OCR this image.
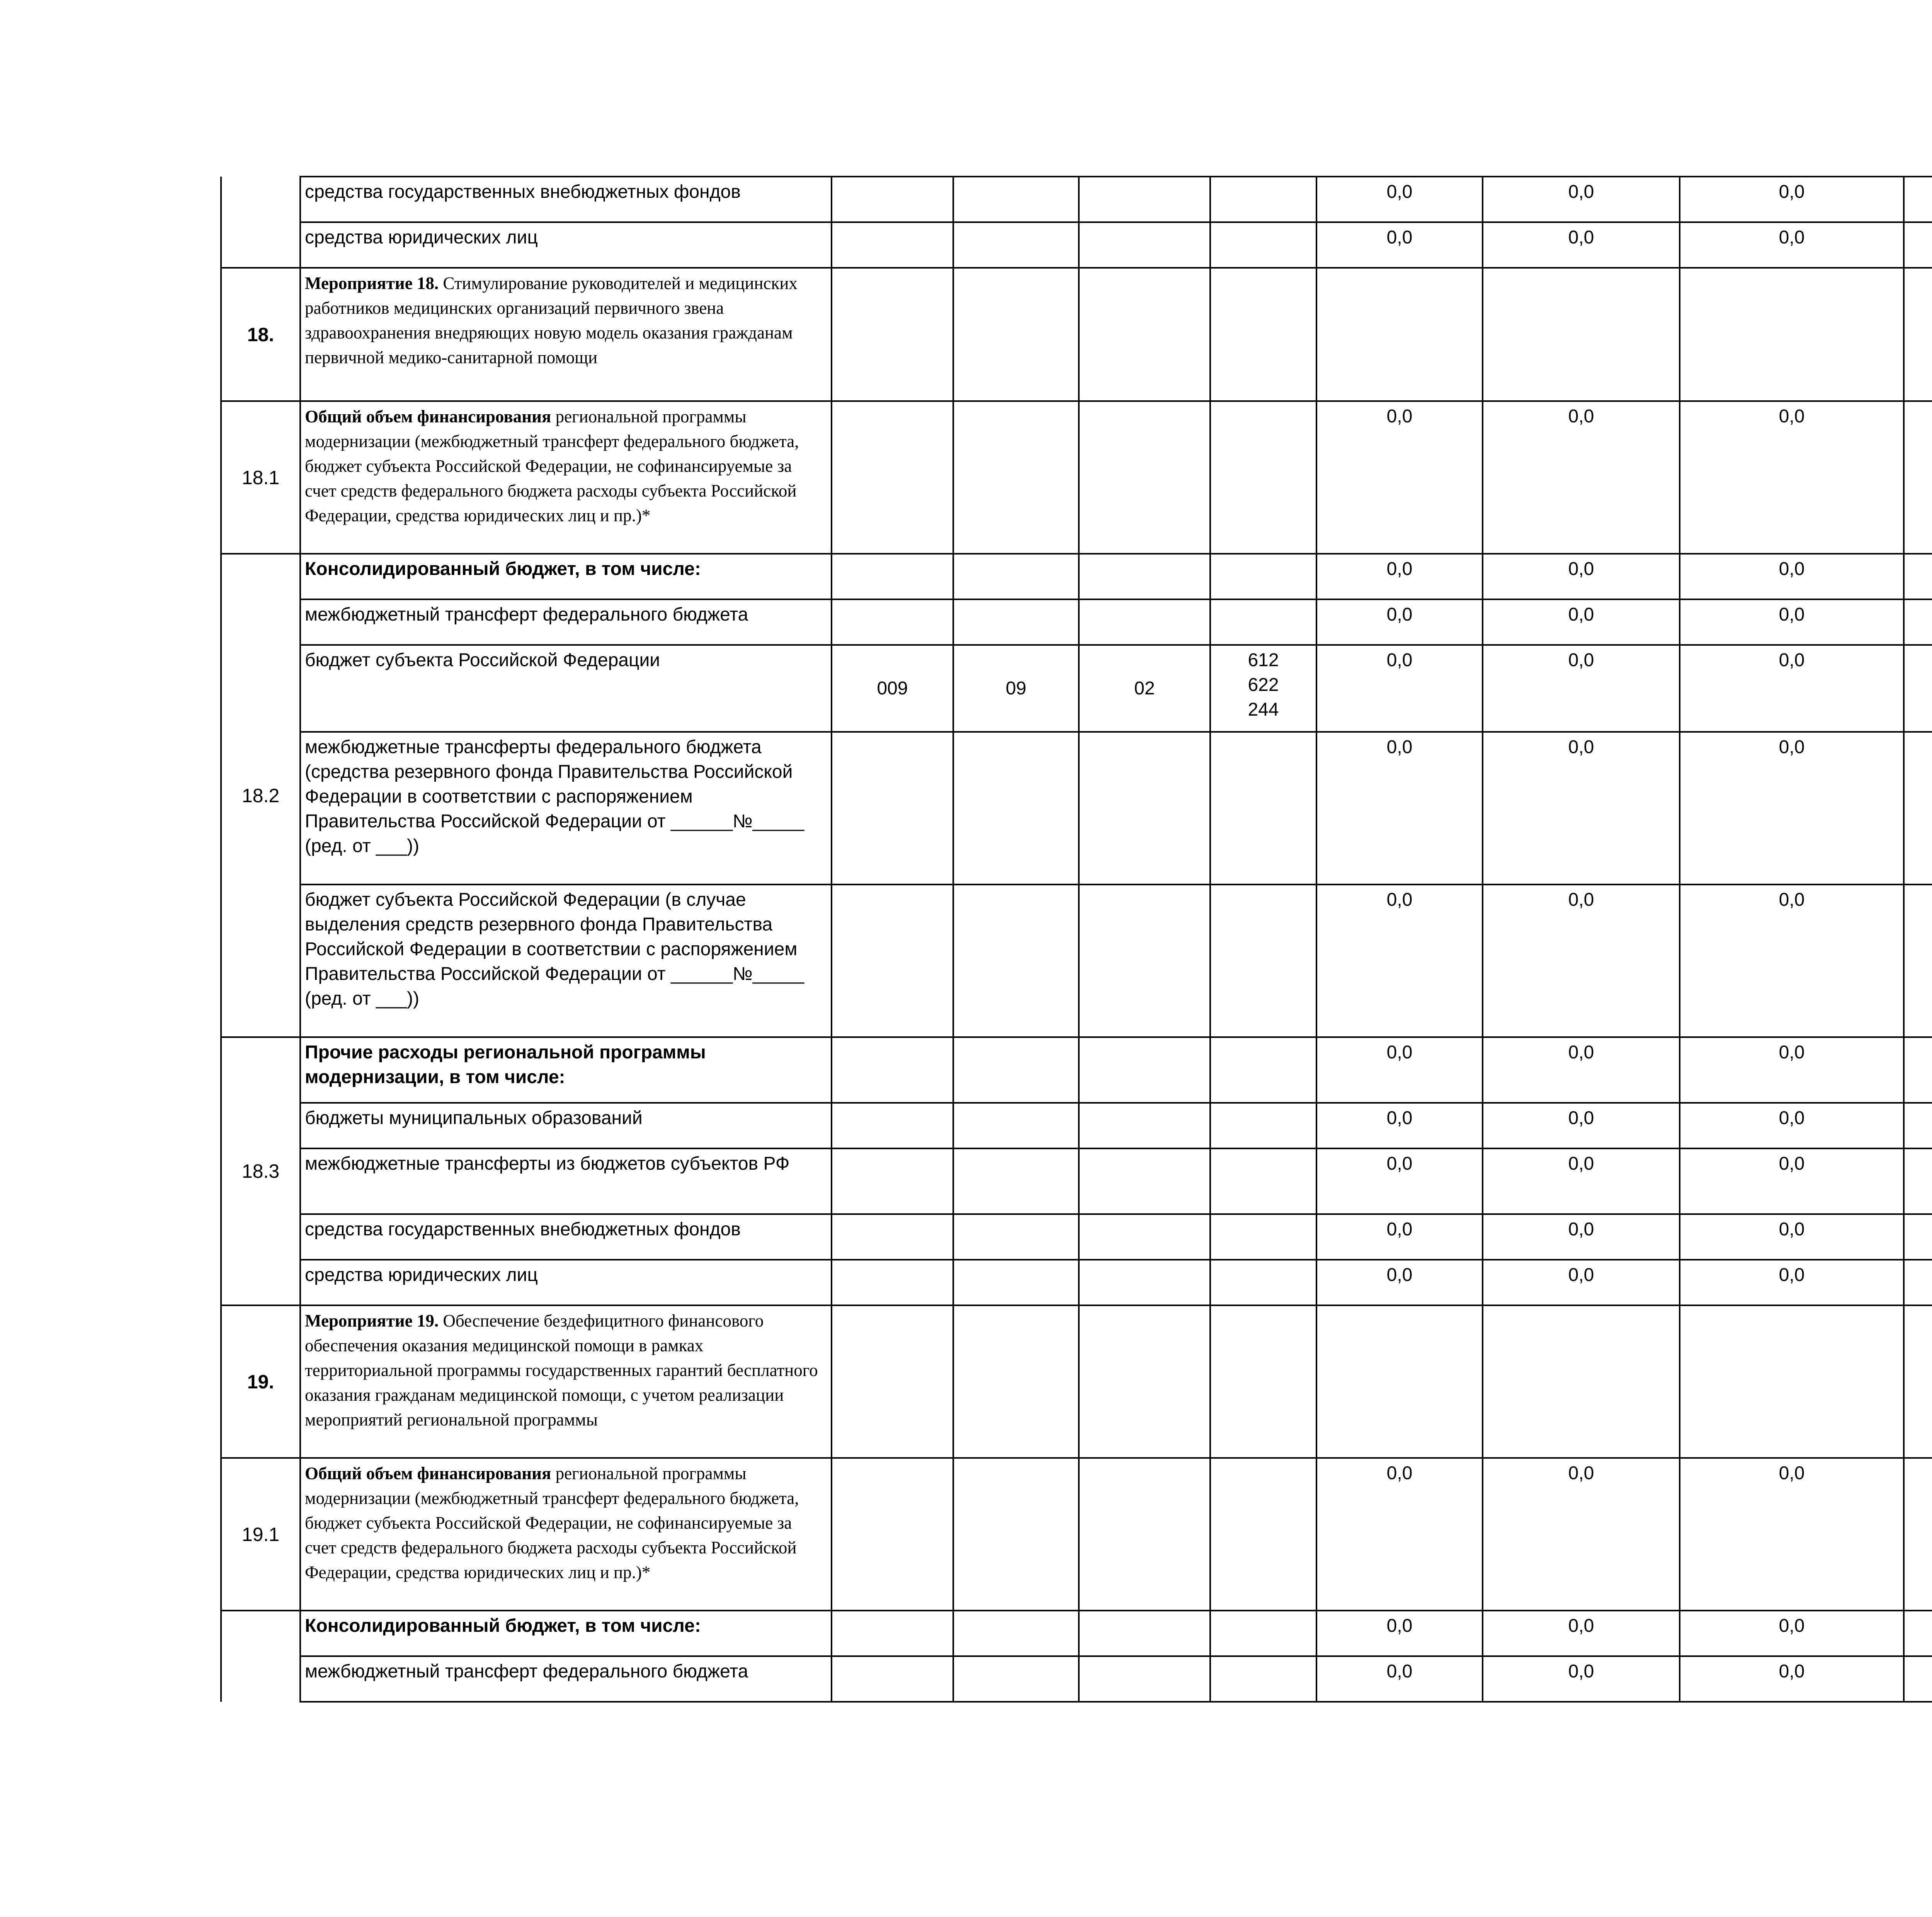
	средства государственных внебюджетных фондов					0,0	0,0	0,0			
	средства юридических лиц					0,0	0,0	0,0			
18.	Мероприятие 18. Стимулирование руководителей и медицинских работников медицинских организаций первичного звена здравоохранения внедряющих новую модель оказания гражданам первичной медико-санитарной помощи										
18.1	Общий объем финансирования региональной программы модернизации (межбюджетный трансферт федерального бюджета, бюджет субъекта Российской Федерации, не софинансируемые за счет средств федерального бюджета расходы субъекта Российской Федерации, средства юридических лиц и пр.)*					0,0	0,0	0,0			
18.2	Консолидированный бюджет, в том числе:					0,0	0,0	0,0			
	межбюджетный трансферт федерального бюджета					0,0	0,0	0,0			
	бюджет субъекта Российской Федерации	009	09	02	612
622
244	0,0	0,0	0,0			
	межбюджетные трансферты федерального бюджета (средства резервного фонда Правительства Российской Федерации в соответствии с распоряжением Правительства Российской Федерации от ______№_____ (ред. от ___))					0,0	0,0	0,0			
	бюджет субъекта Российской Федерации (в случае выделения средств резервного фонда Правительства Российской Федерации в соответствии с распоряжением Правительства Российской Федерации от ______№_____ (ред. от ___))					0,0	0,0	0,0			
18.3	Прочие расходы региональной программы модернизации, в том числе:					0,0	0,0	0,0			
	бюджеты муниципальных образований					0,0	0,0	0,0			
	межбюджетные трансферты из бюджетов субъектов РФ					0,0	0,0	0,0			
	средства государственных внебюджетных фондов					0,0	0,0	0,0			
	средства юридических лиц					0,0	0,0	0,0			
19.	Мероприятие 19. Обеспечение бездефицитного финансового обеспечения оказания медицинской помощи в рамках территориальной программы государственных гарантий бесплатного оказания гражданам медицинской помощи, с учетом реализации мероприятий региональной программы										
19.1	Общий объем финансирования региональной программы модернизации (межбюджетный трансферт федерального бюджета, бюджет субъекта Российской Федерации, не софинансируемые за счет средств федерального бюджета расходы субъекта Российской Федерации, средства юридических лиц и пр.)*					0,0	0,0	0,0			
	Консолидированный бюджет, в том числе:					0,0	0,0	0,0			
	межбюджетный трансферт федерального бюджета					0,0	0,0	0,0			
